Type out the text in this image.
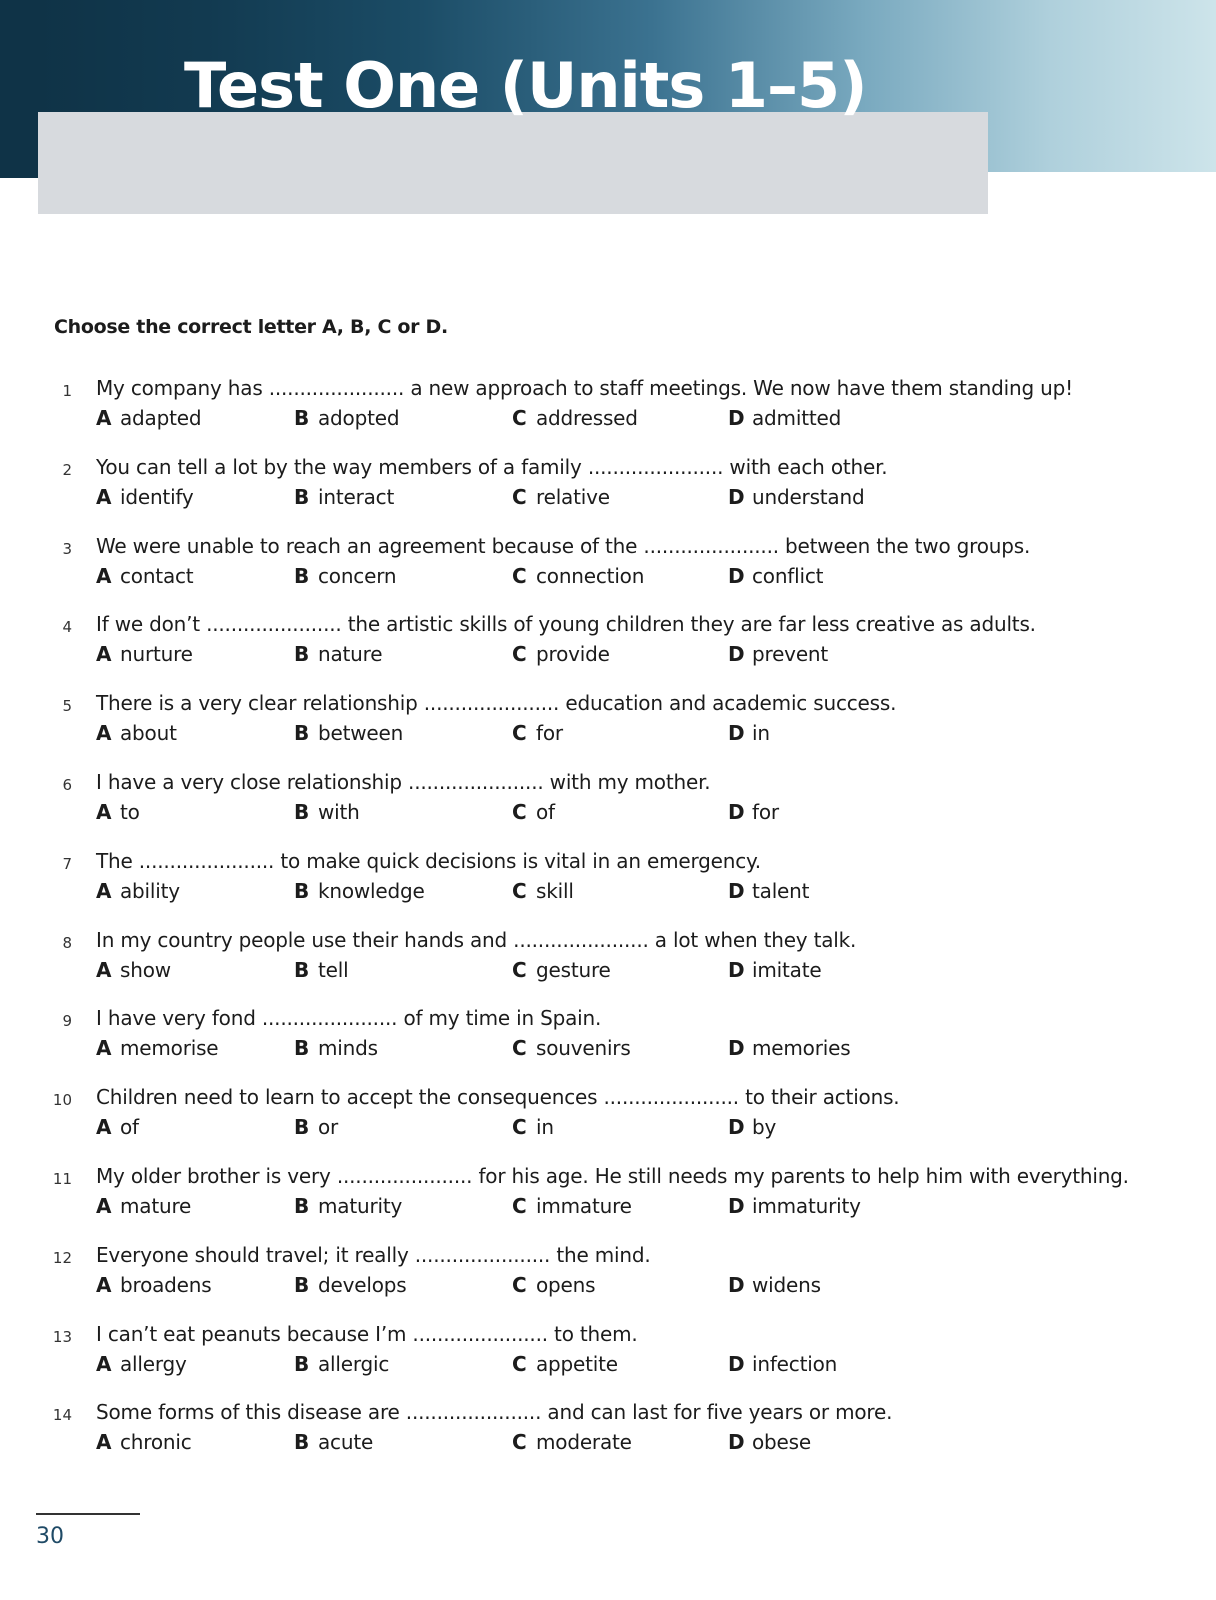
Test One (Units 1–5)

Choose the correct letter A, B, C or D.

1 My company has ...................... a new approach to staff meetings. We now have them standing up!
A adapted	B adopted	C addressed	D admitted
2 You can tell a lot by the way members of a family ...................... with each other.
A identify	B interact	C relative	D understand
3 We were unable to reach an agreement because of the ...................... between the two groups.
A contact	B concern	C connection	D conflict
4 If we don’t ...................... the artistic skills of young children they are far less creative as adults.
A nurture	B nature	C provide	D prevent
5 There is a very clear relationship ...................... education and academic success.
A about	B between	C for	D in
6 I have a very close relationship ...................... with my mother.
A to	B with	C of	D for
7 The ...................... to make quick decisions is vital in an emergency.
A ability	B knowledge	C skill	D talent
8 In my country people use their hands and ...................... a lot when they talk.
A show	B tell	C gesture	D imitate
9 I have very fond ...................... of my time in Spain.
A memorise	B minds	C souvenirs	D memories
10 Children need to learn to accept the consequences ...................... to their actions.
A of	B or	C in	D by
11 My older brother is very ...................... for his age. He still needs my parents to help him with everything.
A mature	B maturity	C immature	D immaturity
12 Everyone should travel; it really ...................... the mind.
A broadens	B develops	C opens	D widens
13 I can’t eat peanuts because I’m ...................... to them.
A allergy	B allergic	C appetite	D infection
14 Some forms of this disease are ...................... and can last for five years or more.
A chronic	B acute	C moderate	D obese

30
